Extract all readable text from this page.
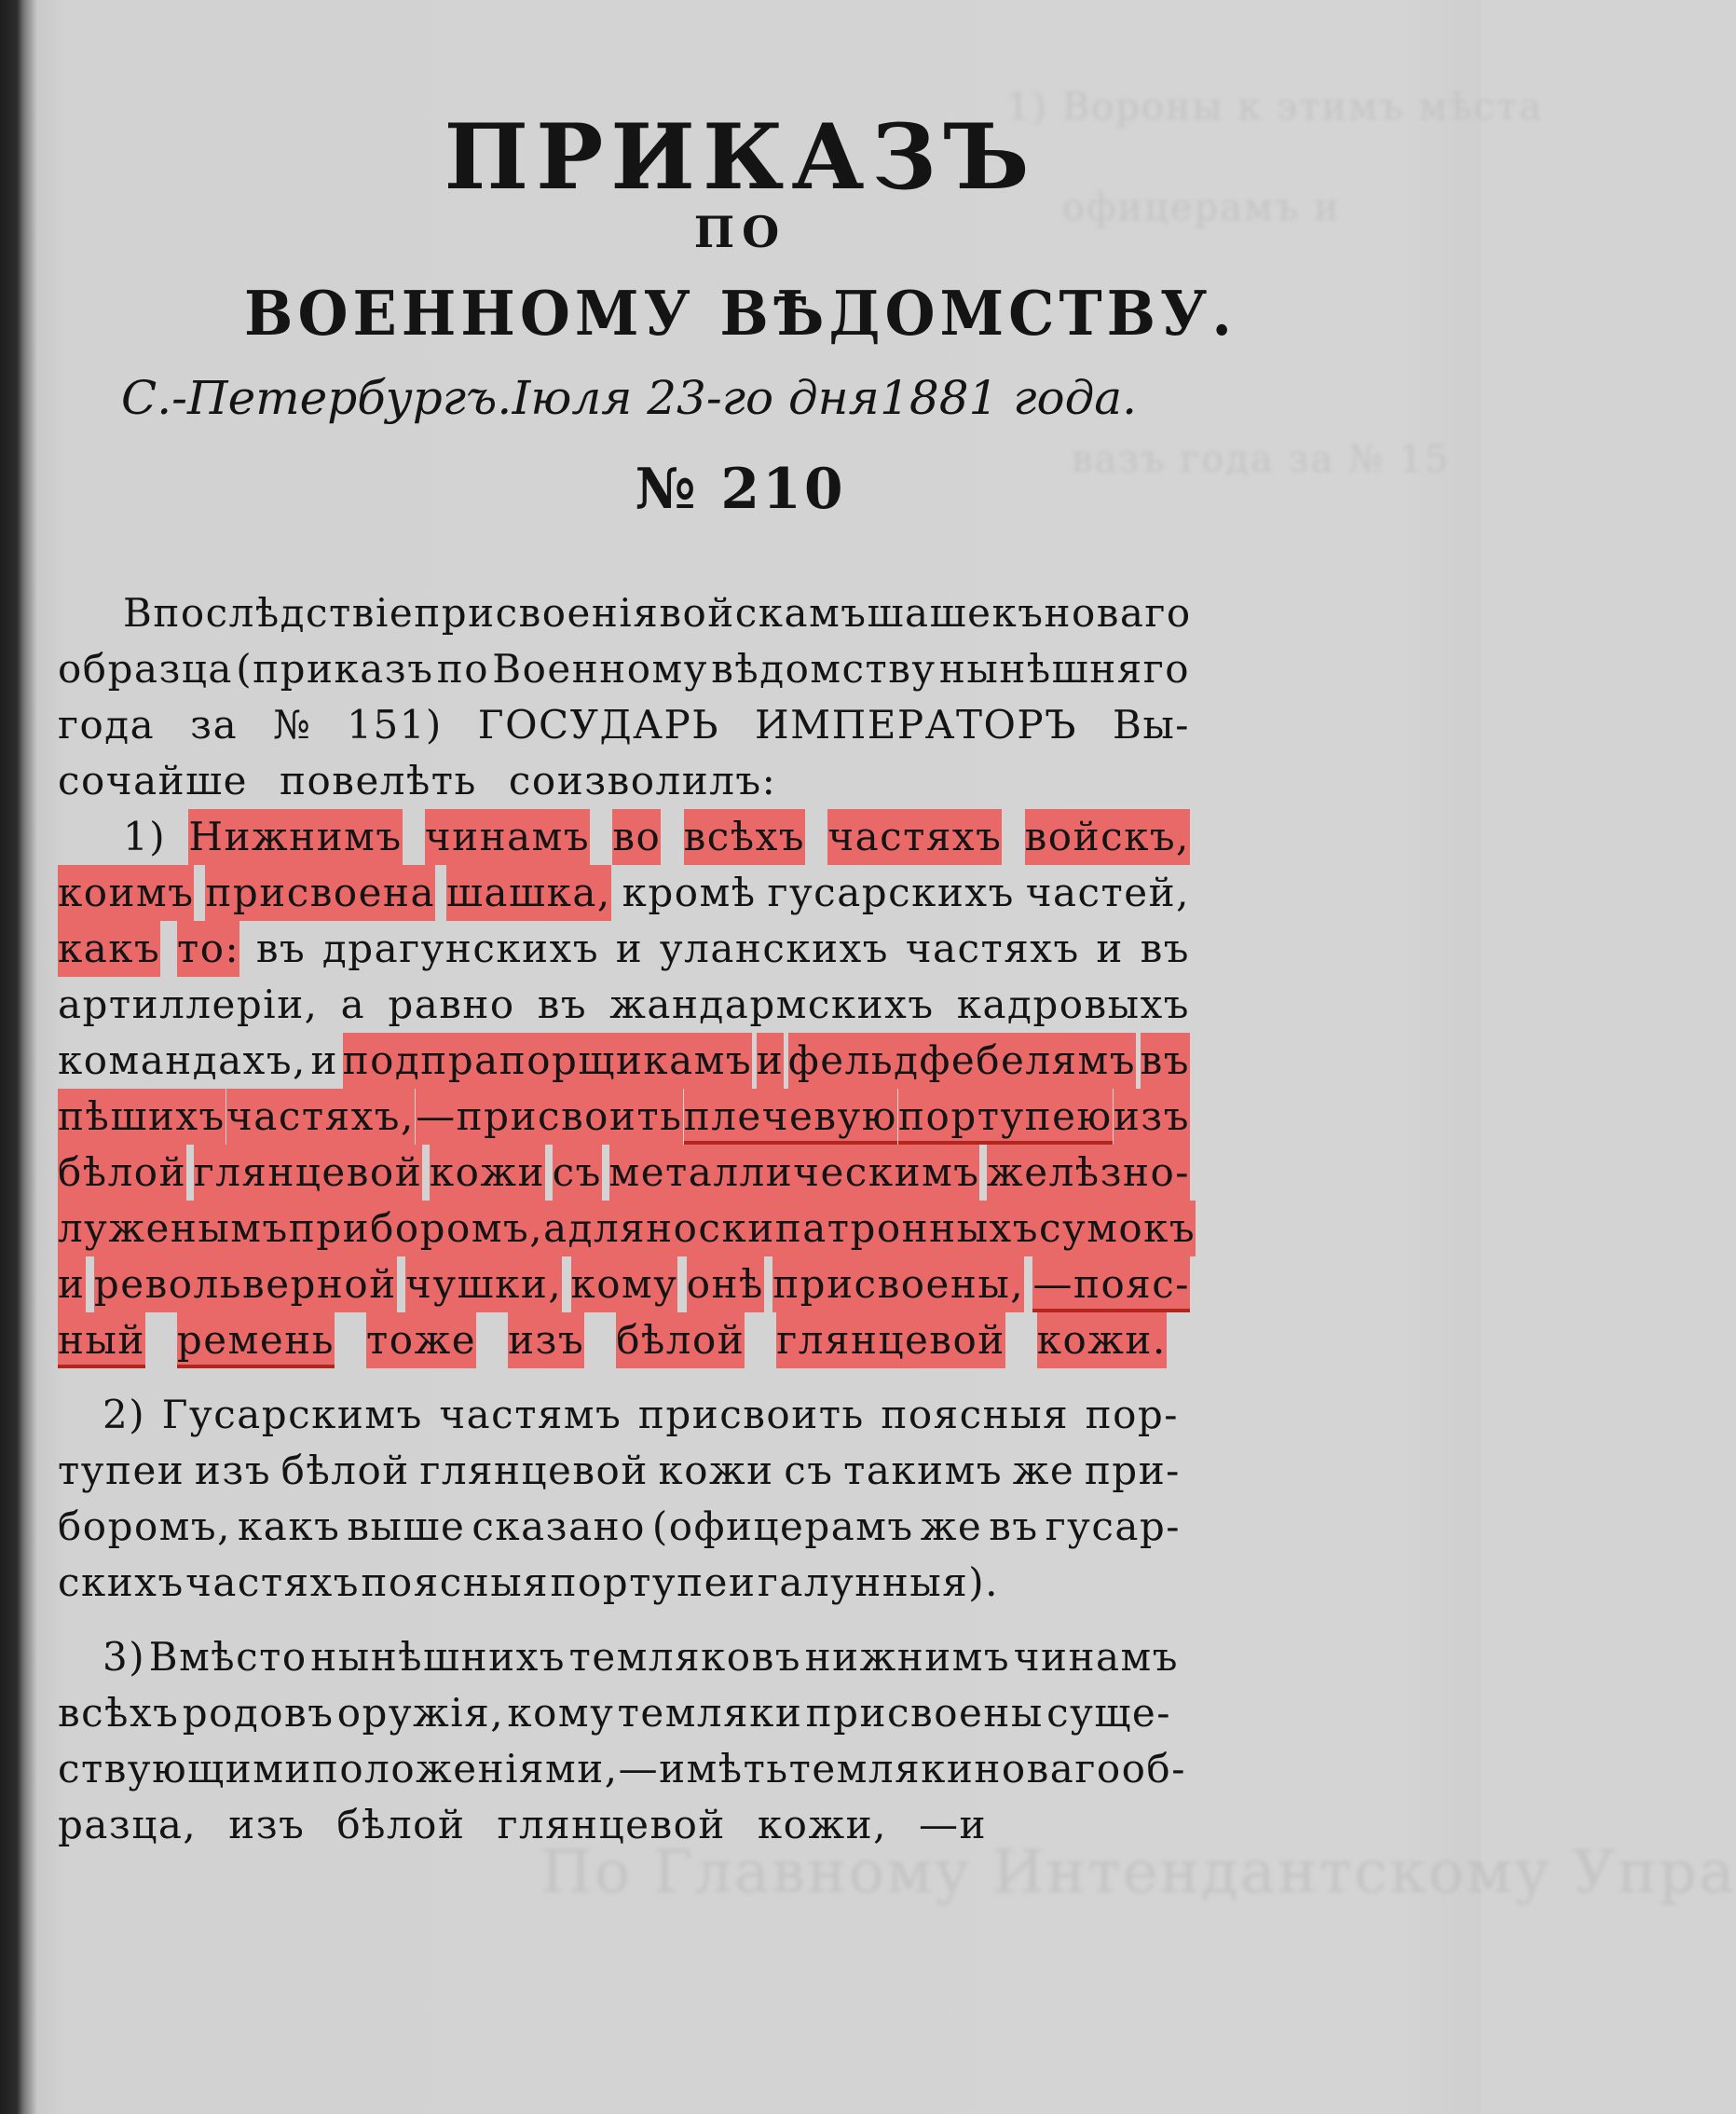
1) Вороны к этимъ мѣста
офицерамъ и
вазъ года за № 15
По Главному Интендантскому Упра
ПРИКАЗЪ
ПО
ВОЕННОМУ ВѢДОМСТВУ.
С.-Петербургъ. Іюля 23-го дня 1881 года.
№ 210
Впослѣдствіе присвоенія войскамъ шашекъ новаго
образца (приказъ по Военному вѣдомству нынѣшняго
года за № 151) ГОСУДАРЬ ИМПЕРАТОРЪ Вы-
сочайше повелѣть соизволилъ:
1) Нижнимъ чинамъ во всѣхъ частяхъ войскъ,
коимъ присвоена шашка, кромѣ гусарскихъ частей,
какъ то: въ драгунскихъ и уланскихъ частяхъ и въ
артиллеріи, а равно въ жандармскихъ кадровыхъ
командахъ, и подпрапорщикамъ и фельдфебелямъ въ
пѣшихъ частяхъ, —присвоить плечевую портупею изъ
бѣлой глянцевой кожи съ металлическимъ желѣзно-
луженымъ приборомъ, а для носки патронныхъ сумокъ
и револьверной чушки, кому онѣ присвоены, —пояс-
ный ремень тоже изъ бѣлой глянцевой кожи.
2) Гусарскимъ частямъ присвоить поясныя пор-
тупеи изъ бѣлой глянцевой кожи съ такимъ же при-
боромъ, какъ выше сказано (офицерамъ же въ гусар-
скихъ частяхъ поясныя портупеи галунныя).
3) Вмѣсто нынѣшнихъ темляковъ нижнимъ чинамъ
всѣхъ родовъ оружія, кому темляки присвоены суще-
ствующими положеніями, —имѣть темляки новаго об-
разца, изъ бѣлой глянцевой кожи, —и
